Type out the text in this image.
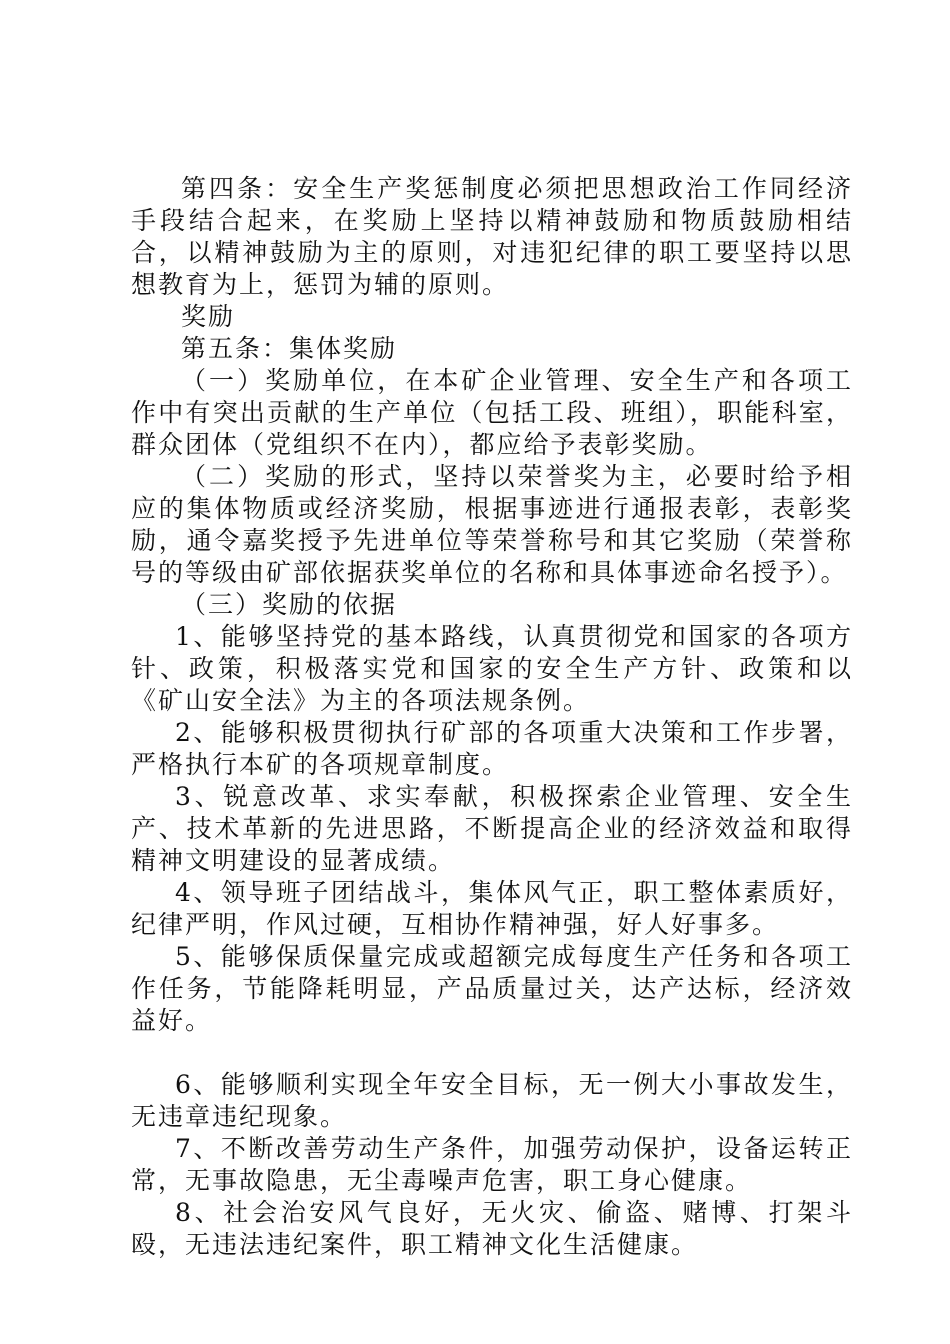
第四条：安全生产奖惩制度必须把思想政治工作同经济手段结合起来，在奖励上坚持以精神鼓励和物质鼓励相结合，以精神鼓励为主的原则，对违犯纪律的职工要坚持以思想教育为上，惩罚为辅的原则。

奖励

第五条：集体奖励

（一）奖励单位，在本矿企业管理、安全生产和各项工作中有突出贡献的生产单位（包括工段、班组），职能科室，群众团体（党组织不在内），都应给予表彰奖励。

（二）奖励的形式，坚持以荣誉奖为主，必要时给予相应的集体物质或经济奖励，根据事迹进行通报表彰，表彰奖励，通令嘉奖授予先进单位等荣誉称号和其它奖励（荣誉称号的等级由矿部依据获奖单位的名称和具体事迹命名授予）。

（三）奖励的依据

1、能够坚持党的基本路线，认真贯彻党和国家的各项方针、政策，积极落实党和国家的安全生产方针、政策和以《矿山安全法》为主的各项法规条例。

2、能够积极贯彻执行矿部的各项重大决策和工作步署，严格执行本矿的各项规章制度。

3、锐意改革、求实奉献，积极探索企业管理、安全生产、技术革新的先进思路，不断提高企业的经济效益和取得精神文明建设的显著成绩。

4、领导班子团结战斗，集体风气正，职工整体素质好，纪律严明，作风过硬，互相协作精神强，好人好事多。

5、能够保质保量完成或超额完成每度生产任务和各项工作任务，节能降耗明显，产品质量过关，达产达标，经济效益好。

6、能够顺利实现全年安全目标，无一例大小事故发生，无违章违纪现象。

7、不断改善劳动生产条件，加强劳动保护，设备运转正常，无事故隐患，无尘毒噪声危害，职工身心健康。

8、社会治安风气良好，无火灾、偷盗、赌博、打架斗殴，无违法违纪案件，职工精神文化生活健康。
